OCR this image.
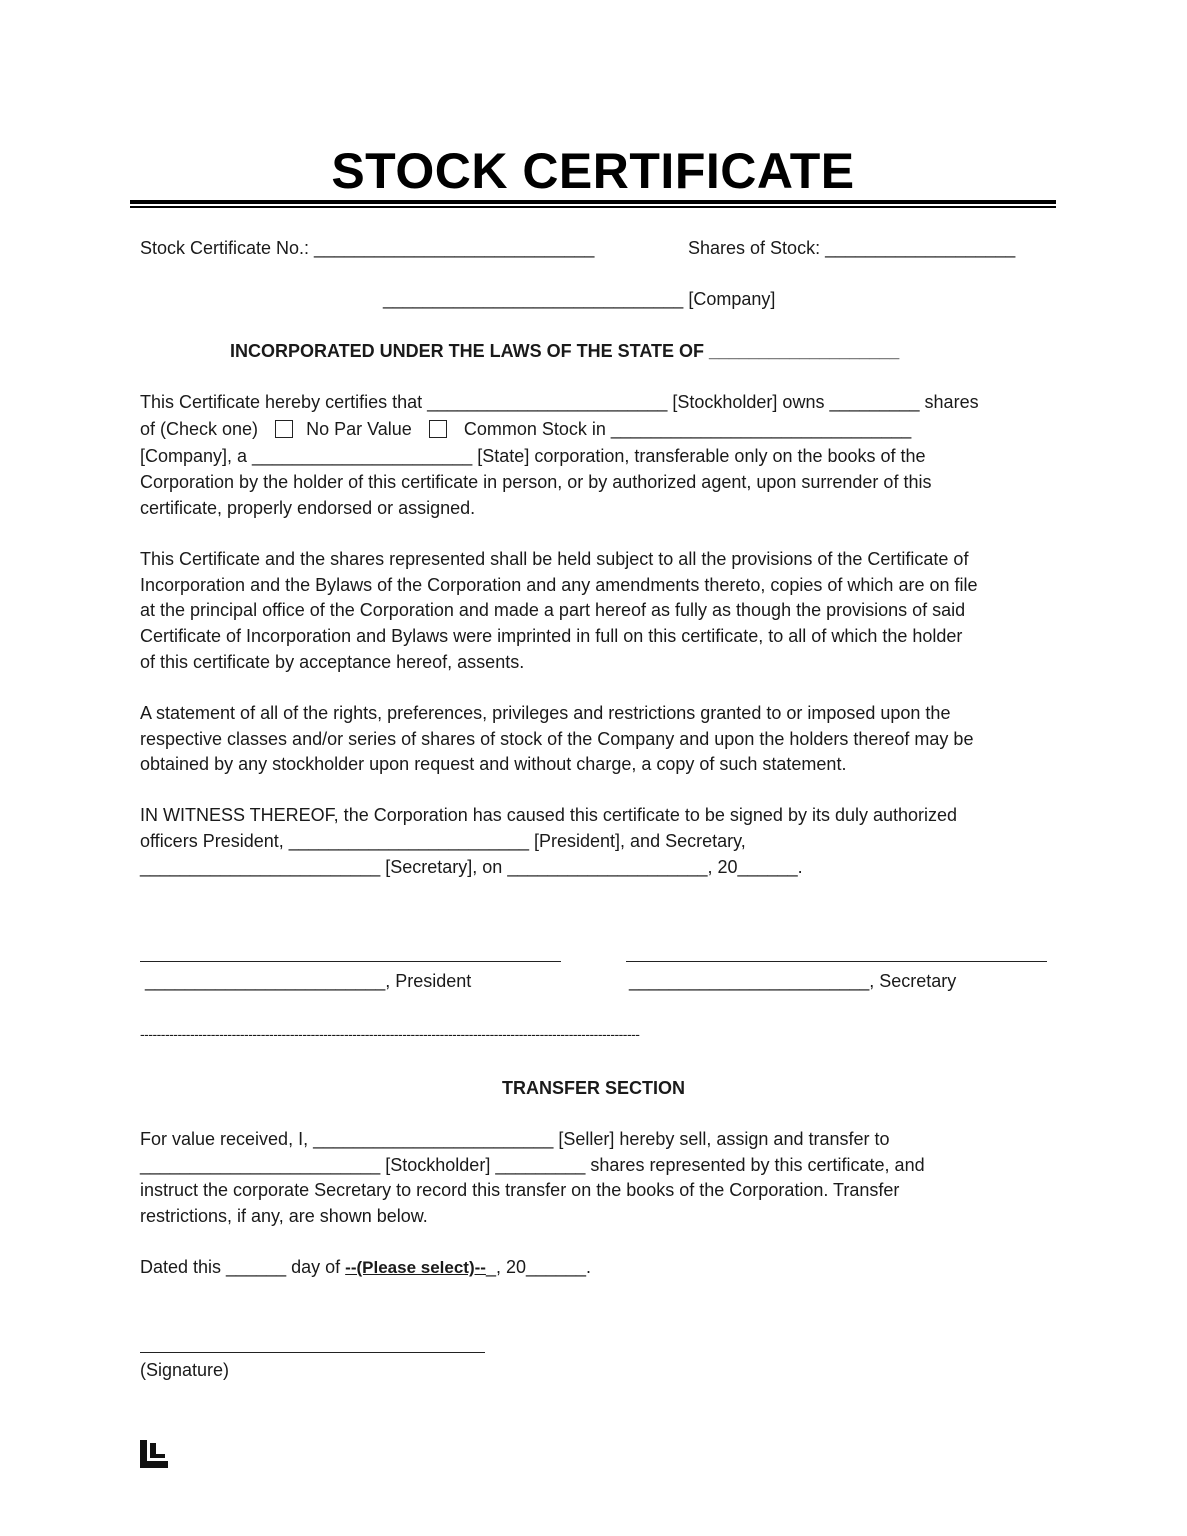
STOCK CERTIFICATE
Stock Certificate No.: ____________________________	Shares of Stock: ___________________
______________________________ [Company]
INCORPORATED UNDER THE LAWS OF THE STATE OF ___________________
This Certificate hereby certifies that ________________________ [Stockholder] owns _________ shares
of (Check one)	No Par Value	Common Stock in ______________________________
[Company], a ______________________ [State] corporation, transferable only on the books of the
Corporation by the holder of this certificate in person, or by authorized agent, upon surrender of this
certificate, properly endorsed or assigned.
This Certificate and the shares represented shall be held subject to all the provisions of the Certificate of
Incorporation and the Bylaws of the Corporation and any amendments thereto, copies of which are on file
at the principal office of the Corporation and made a part hereof as fully as though the provisions of said
Certificate of Incorporation and Bylaws were imprinted in full on this certificate, to all of which the holder
of this certificate by acceptance hereof, assents.
A statement of all of the rights, preferences, privileges and restrictions granted to or imposed upon the
respective classes and/or series of shares of stock of the Company and upon the holders thereof may be
obtained by any stockholder upon request and without charge, a copy of such statement.
IN WITNESS THEREOF, the Corporation has caused this certificate to be signed by its duly authorized
officers President, ________________________ [President], and Secretary,
________________________ [Secretary], on ____________________, 20______.
________________________, President	________________________, Secretary
------------------------------------------------------------------------------------------------------------------------
TRANSFER SECTION
For value received, I, ________________________ [Seller] hereby sell, assign and transfer to
________________________ [Stockholder] _________ shares represented by this certificate, and
instruct the corporate Secretary to record this transfer on the books of the Corporation. Transfer
restrictions, if any, are shown below.
Dated this ______ day of --(Please select)--_, 20______.
(Signature)
